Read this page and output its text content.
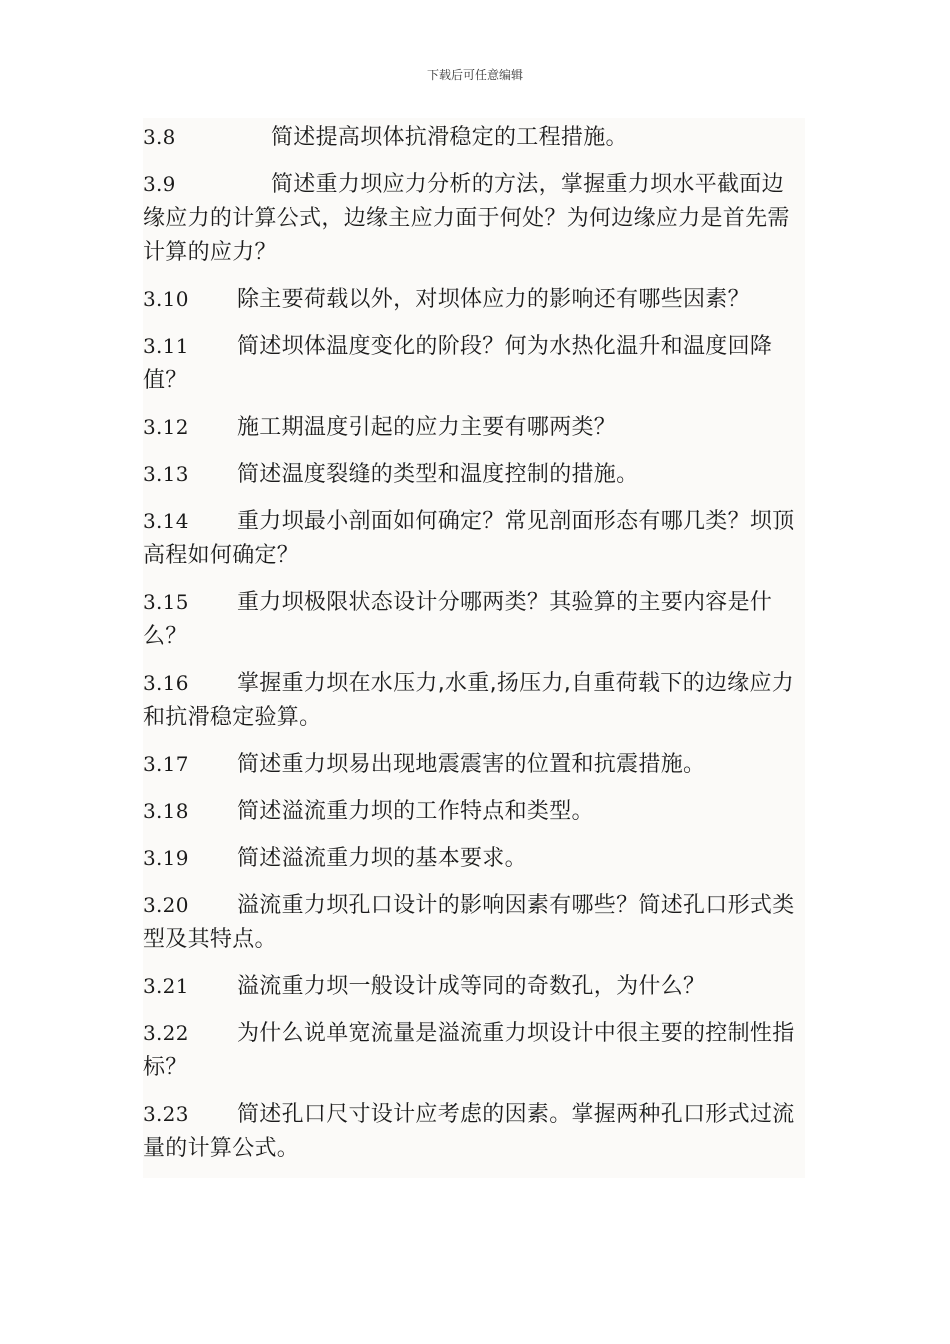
下载后可任意编辑

3.8	简述提高坝体抗滑稳定的工程措施。

3.9	简述重力坝应力分析的方法，掌握重力坝水平截面边缘应力的计算公式，边缘主应力面于何处？为何边缘应力是首先需计算的应力？

3.10 除主要荷载以外，对坝体应力的影响还有哪些因素？

3.11 简述坝体温度变化的阶段？何为水热化温升和温度回降值？

3.12 施工期温度引起的应力主要有哪两类？

3.13 简述温度裂缝的类型和温度控制的措施。

3.14 重力坝最小剖面如何确定？常见剖面形态有哪几类？坝顶高程如何确定？

3.15 重力坝极限状态设计分哪两类？其验算的主要内容是什么？

3.16 掌握重力坝在水压力,水重,扬压力,自重荷载下的边缘应力和抗滑稳定验算。

3.17 简述重力坝易出现地震震害的位置和抗震措施。

3.18 简述溢流重力坝的工作特点和类型。

3.19 简述溢流重力坝的基本要求。

3.20 溢流重力坝孔口设计的影响因素有哪些？简述孔口形式类型及其特点。

3.21 溢流重力坝一般设计成等同的奇数孔，为什么？

3.22 为什么说单宽流量是溢流重力坝设计中很主要的控制性指标？

3.23 简述孔口尺寸设计应考虑的因素。掌握两种孔口形式过流量的计算公式。
